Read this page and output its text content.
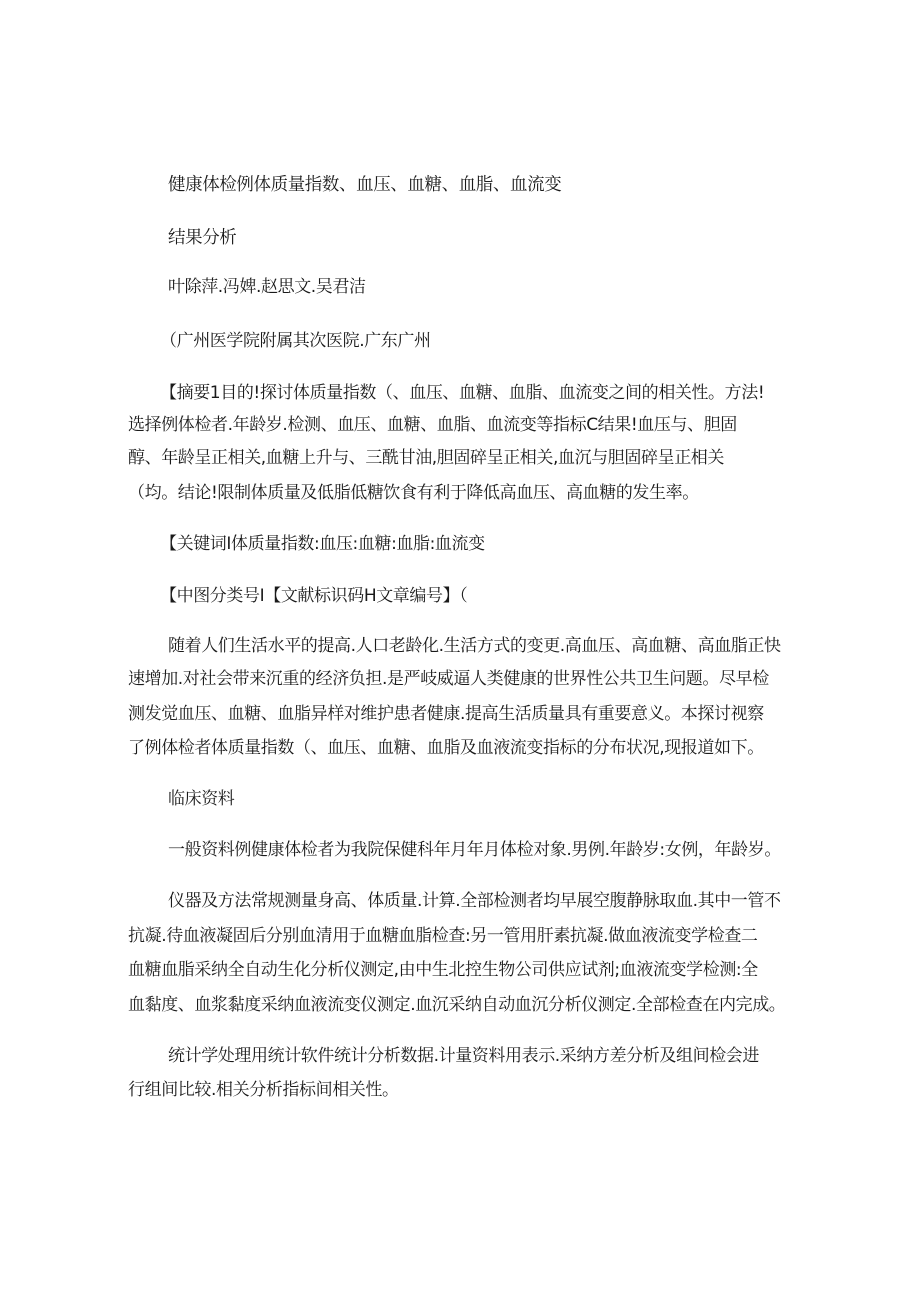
健康体检例体质量指数、血压、血糖、血脂、血流变
结果分析
叶除萍.冯婢.赵思文.吴君洁
（广州医学院附属其次医院.广东广州
【摘要1目的!探讨体质量指数（、血压、血糖、血脂、血流变之间的相关性。方法!
选择例体检者.年龄岁.检测、血压、血糖、血脂、血流变等指标C结果!血压与、胆固
醇、年龄呈正相关,血糖上升与、三酰甘油,胆固碎呈正相关,血沉与胆固碎呈正相关
（均。结论!限制体质量及低脂低糖饮食有利于降低高血压、高血糖的发生率。
【关键词I体质量指数:血压:血糖:血脂:血流变
【中图分类号I【文献标识码H文章编号】（
随着人们生活水平的提高.人口老龄化.生活方式的变更.高血压、高血糖、高血脂正快
速增加.对社会带来沉重的经济负担.是严岐威逼人类健康的世界性公共卫生问题。尽早检
测发觉血压、血糖、血脂异样对维护患者健康.提高生活质量具有重要意义。本探讨视察
了例体检者体质量指数（、血压、血糖、血脂及血液流变指标的分布状况,现报道如下。
临床资料
一般资料例健康体检者为我院保健科年月年月体检对象.男例.年龄岁:女例，年龄岁。
仪器及方法常规测量身高、体质量.计算.全部检测者均早展空腹静脉取血.其中一管不
抗凝.待血液凝固后分别血清用于血糖血脂检查:另一管用肝素抗凝.做血液流变学检查二
血糖血脂采纳全自动生化分析仪测定,由中生北控生物公司供应试剂;血液流变学检测:全
血黏度、血浆黏度采纳血液流变仪测定.血沉采纳自动血沉分析仪测定.全部检查在内完成。
统计学处理用统计软件统计分析数据.计量资料用表示.采纳方差分析及组间检会进
行组间比较.相关分析指标间相关性。
